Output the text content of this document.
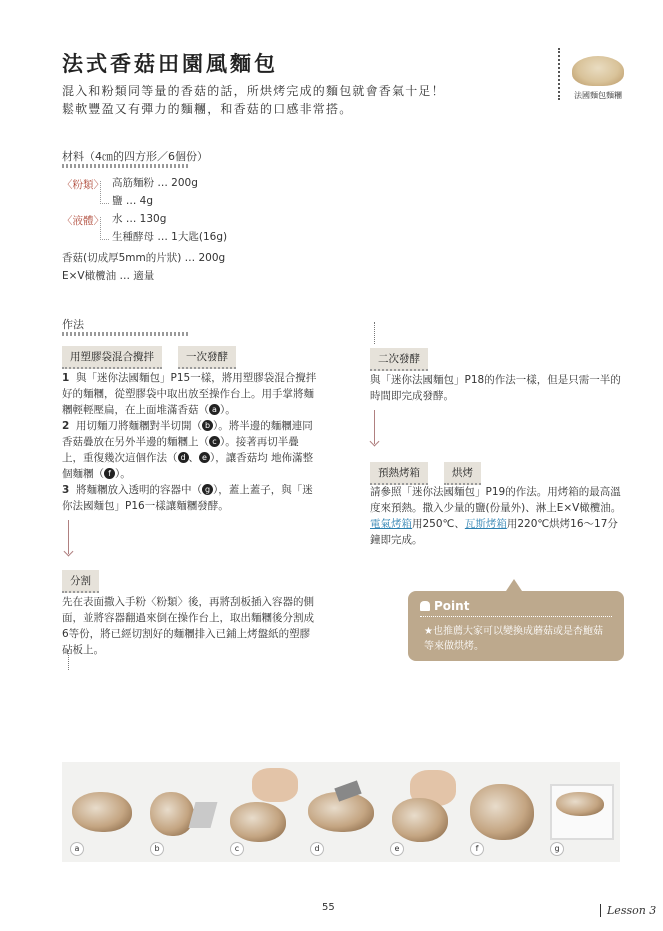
法式香菇田園風麵包
混入和粉類同等量的香菇的話，所烘烤完成的麵包就會香氣十足！
鬆軟豐盈又有彈力的麵糰，和香菇的口感非常搭。
法國麵包麵糰
材料（4㎝的四方形／6個份）
〈粉類〉 高筋麵粉 … 200g
鹽 … 4g
〈液體〉 水 … 130g
生種酵母 … 1大匙(16g)
香菇(切成厚5mm的片狀) … 200g
E×V橄欖油 … 適量
作法
用塑膠袋混合攪拌	一次發酵
1 與「迷你法國麵包」P15一樣，將用塑膠袋混合攪拌好的麵糰，從塑膠袋中取出放至操作台上。用手掌將麵糰輕輕壓扁，在上面堆滿香菇（ a ）。
2 用切麵刀將麵糰對半切開（ b ）。將半邊的麵糰連同香菇疊放在另外半邊的麵糰上（ c ）。接著再切半疊上，重復幾次這個作法（ d 、 e ），讓香菇均 地佈滿整個麵糰（ f ）。
3 將麵糰放入透明的容器中（ g ），蓋上蓋子，與「迷你法國麵包」P16一樣讓麵糰發酵。
分割
先在表面撒入手粉〈粉類〉後，再將刮板插入容器的側面，並將容器翻過來倒在操作台上，取出麵糰後分割成6等份，將已經切割好的麵糰排入已鋪上烤盤紙的塑膠砧板上。
二次發酵
與「迷你法國麵包」P18的作法一樣，但是只需一半的時間即完成發酵。
預熱烤箱	烘烤
請參照「迷你法國麵包」P19的作法。用烤箱的最高溫度來預熱。撒入少量的鹽(份量外)、淋上E×V橄欖油。電氣烤箱用250℃、瓦斯烤箱用220℃烘烤16〜17分鐘即完成。
Point
★也推薦大家可以變換成蘑菇或是杏鮑菇等來做烘烤。
a	b	c	d	e	f	g
55	Lesson 3
